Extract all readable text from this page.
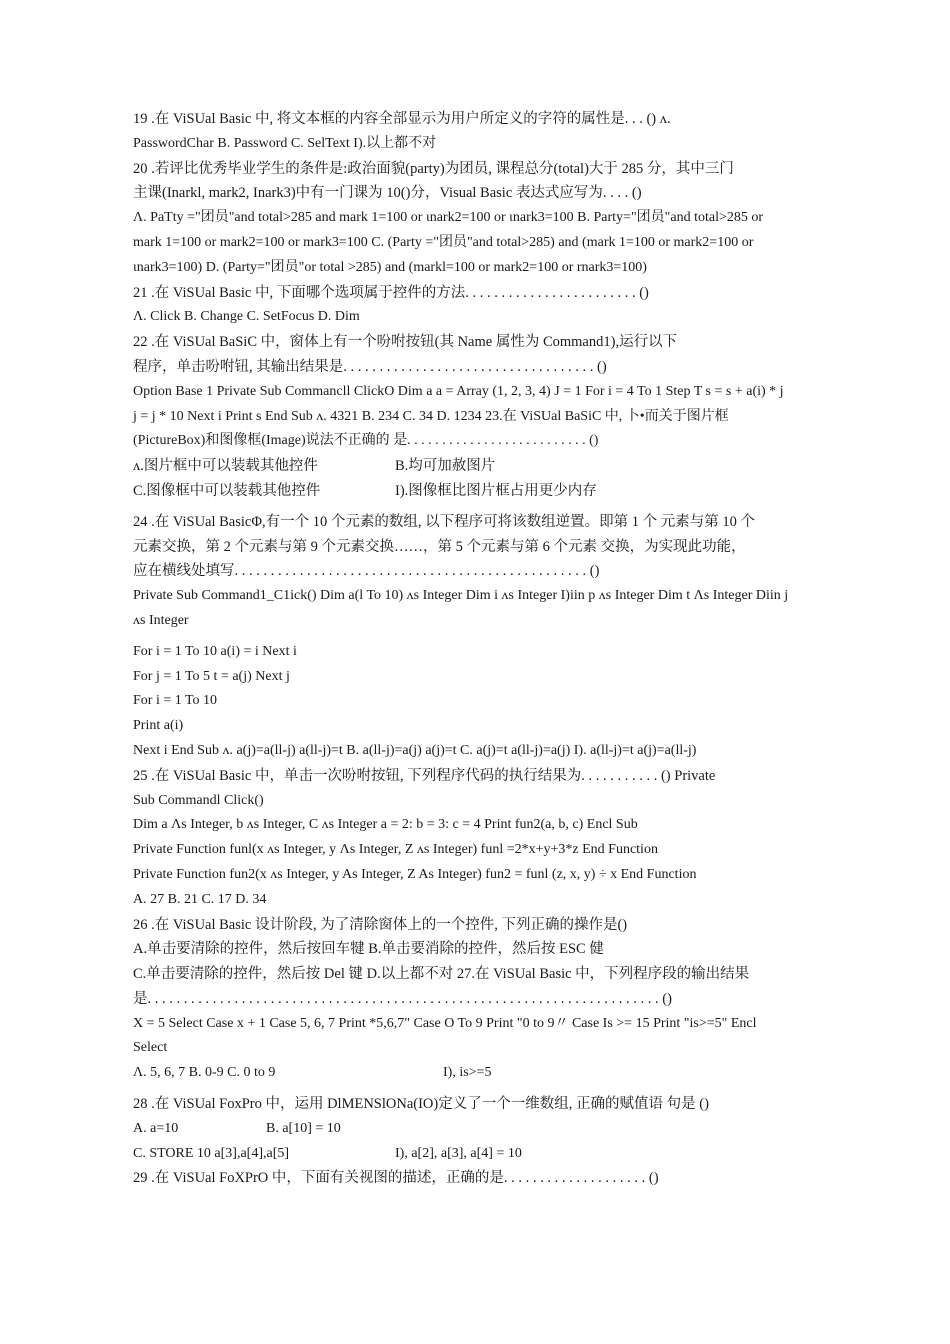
19 .在 ViSUal Basic 中, 将文本框的内容全部显示为用户所定义的字符的属性是. . . () ʌ.
PasswordChar B. Password C. SelText I).以上都不对
20 .若评比优秀毕业学生的条件是:政治面貌(party)为团员, 课程总分(total)大于 285 分，其中三门
主课(Inarkl, mark2, Inark3)中有一门课为 10()分，Visual Basic 表达式应写为. . . . ()
Λ. PaTty ="团员"and total>285 and mark 1=100 or ιnark2=100 or ιnark3=100 B. Party="团员"and total>285 or
mark 1=100 or mark2=100 or mark3=100 C. (Party ="团员"and total>285) and (mark 1=100 or mark2=100 or
ιnark3=100) D. (Party="团员"or total >285) and (markl=100 or mark2=100 or rnark3=100)
21 .在 ViSUal Basic 中, 下面哪个选项属于控件的方法. . . . . . . . . . . . . . . . . . . . . . . . ()
Λ. Click B. Change C. SetFocus D. Dim
22 .在 ViSUal BaSiC 中，窗体上有一个吩咐按钮(其 Name 属性为 Command1),运行以下
程序，单击吩咐钮, 其输出结果是. . . . . . . . . . . . . . . . . . . . . . . . . . . . . . . . . . . ()
Option Base 1 Private Sub Commancll ClickO Dim a a = Array (1, 2, 3, 4) J = 1 For i = 4 To 1 Step T s = s + a(i) * j
j = j * 10 Next i Print s End Sub ʌ. 4321 B. 234 C. 34 D. 1234 23.在 ViSUal BaSiC 中, 卜•而关于图片框
(PictureBox)和图像框(Image)说法不正确的 是. . . . . . . . . . . . . . . . . . . . . . . . . . ()
ʌ.图片框中可以装载其他控件	B.均可加赦图片
C.图像框中可以装载其他控件	I).图像框比图片框占用更少内存
24 .在 ViSUal BasicΦ,有一个 10 个元素的数组, 以下程序可将该数组逆置。即第 1 个 元素与第 10 个
元素交换，第 2 个元素与第 9 个元素交换……，第 5 个元素与第 6 个元素 交换，为实现此功能，
应在横线处填写. . . . . . . . . . . . . . . . . . . . . . . . . . . . . . . . . . . . . . . . . . . . . . . . . ()
Private Sub Command1_C1ick() Dim a(l To 10) ʌs Integer Dim i ʌs Integer I)iin p ʌs Integer Dim t Λs Integer Diin j
ʌs Integer
For i = 1 To 10 a(i) = i Next i
For j = 1 To 5 t = a(j) Next j
For i = 1 To 10
Print a(i)
Next i End Sub ʌ. a(j)=a(ll-j) a(ll-j)=t B. a(ll-j)=a(j) a(j)=t C. a(j)=t a(ll-j)=a(j) I). a(ll-j)=t a(j)=a(ll-j)
25 .在 ViSUal Basic 中，单击一次吩咐按钮, 下列程序代码的执行结果为. . . . . . . . . . . () Private
Sub Commandl Click()
Dim a Λs Integer, b ʌs Integer, C ʌs Integer a = 2: b = 3: c = 4 Print fun2(a, b, c) Encl Sub
Private Function funl(x ʌs Integer, y Λs Integer, Z ʌs Integer) funl =2*x+y+3*z End Function
Private Function fun2(x ʌs Integer, y As Integer, Z As Integer) fun2 = funl (z, x, y) ÷ x End Function
A. 27 B. 21 C. 17 D. 34
26 .在 ViSUal Basic 设计阶段, 为了清除窗体上的一个控件, 下列正确的操作是()
A.单击要清除的控件，然后按回车犍 B.单击要消除的控件，然后按 ESC 健
C.单击要清除的控件，然后按 Del 键 D.以上都不对 27.在 ViSUal Basic 中，下列程序段的输出结果
是. . . . . . . . . . . . . . . . . . . . . . . . . . . . . . . . . . . . . . . . . . . . . . . . . . . . . . . . . . . . . . . . . . . . . . . ()
X = 5 Select Case x + 1 Case 5, 6, 7 Print *5,6,7" Case O To 9 Print "0 to 9〃 Case Is >= 15 Print "is>=5" Encl
Select
Λ. 5, 6, 7 B. 0-9 C. 0 to 9	I), is>=5
28 .在 ViSUal FoxPro 中，运用 DlMENSlONa(IO)定义了一个一维数组, 正确的赋值语 句是 ()
A. a=10	B. a[10] = 10
C. STORE 10 a[3],a[4],a[5]	I), a[2], a[3], a[4] = 10
29 .在 ViSUal FoXPrO 中，下面有关视图的描述，正确的是. . . . . . . . . . . . . . . . . . . . ()
